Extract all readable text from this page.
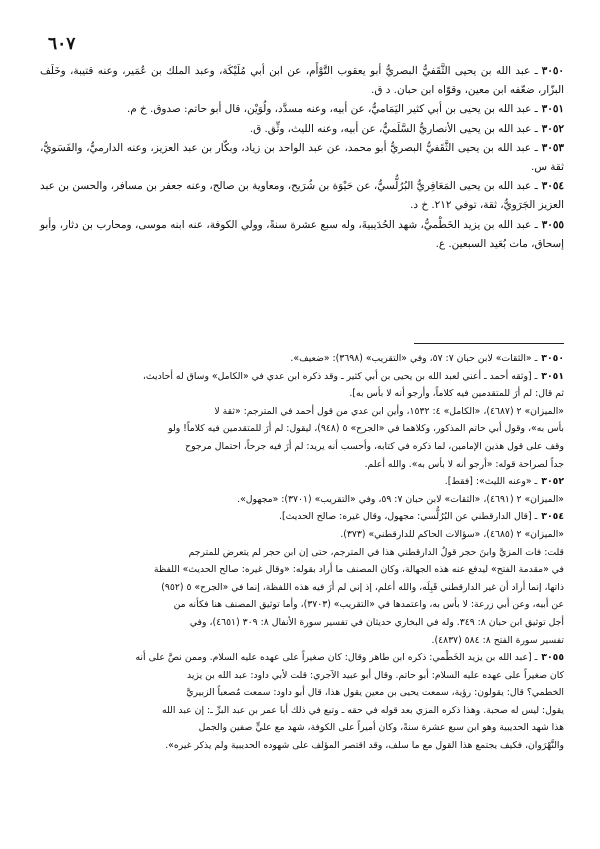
٦٠٧

٣٠٥٠ـ عبد الله بن يحيى الثَّقَفيُّ البصريُّ أبو يعقوب التَّوْأَم، عن ابن أبي مُلَيْكَة، وعبد الملك بن عُمَير، وعنه قتيبة، وخَلَف البزّار، ضعّفه ابن معين، وقوّاه ابن حبان. د ق.

٣٠٥١ـ عبد الله بن يحيى بن أبي كثير اليَمَاميُّ، عن أبيه، وعنه مسدَّد، ولُوَيْن، قال أبو حاتم: صدوق. خ م.

٣٠٥٢ـ عبد الله بن يحيى الأنصاريُّ السَّلَميُّ، عن أبيه، وعنه الليث، وثِّق. ق.

٣٠٥٣ـ عبد الله بن يحيى الثَّقَفيُّ البصريُّ أبو محمد، عن عبد الواحد بن زياد، وبكّار بن عبد العزيز، وعنه الدارميُّ، والفَسَويُّ، ثقة س.

٣٠٥٤ـ عبد الله بن يحيى المَعَافِريُّ البُرُلُّسيُّ، عن حَيْوَة بن شُرَيح، ومعاوية بن صالح، وعنه جعفر بن مسافر، والحسن بن عبد العزيز الجَرَويُّ، ثقة، توفي ٢١٢. خ د.

٣٠٥٥ـ عبد الله بن يزيد الخَطْميُّ، شهد الحُدَيبيةَ، وله سبع عشرة سنةً، وولي الكوفة، عنه ابنه موسى، ومحارب بن دثار، وأبو إسحاق، مات بُعَيد السبعين. ع.

٣٠٥٠ـ «الثقات» لابن حبان ٧: ٥٧، وفي «التقريب» (٣٦٩٨): «ضعيف».

٣٠٥١ـ [وثقه أحمد ـ أعني لعبد الله بن يحيى بن أبي كثير ـ وقد ذكره ابن عدي في «الكامل» وساق له أحاديث،
ثم قال: لم أرَ للمتقدمين فيه كلاماً، وأرجو أنه لا بأس به].
«الميزان» ٢ (٤٦٨٧)، «الكامل» ٤: ١٥٣٢، وأين ابن عدي من قول أحمد في المترجم: «ثقة لا
بأس به»، وقول أبي حاتم المذكور، وكلاهما في «الجرح» ٥ (٩٤٨)، ليقول: لم أرَ للمتقدمين فيه كلاماً! ولو
وقف على قول هذين الإمامين، لما ذكره في كتابه، وأحسب أنه يريد: لم أرَ فيه جرحاً، احتمال مرجوح
جداً لصراحة قوله: «أرجو أنه لا بأس به». والله أعلم.

٣٠٥٢ـ «وعنه الليث»: [فقط].

«الميزان» ٢ (٤٦٩١)، «الثقات» لابن حبان ٧: ٥٩، وفي «التقريب» (٣٧٠١): «مجهول».

٣٠٥٤ـ [قال الدارقطني عن البُرُلُّسي: مجهول، وقال غيره: صالح الحديث].

«الميزان» ٢ (٤٦٨٥)، «سؤالات الحاكم للدارقطني» (٣٧٣).
قلت: فات المزيَّ وابنَ حجر قولُ الدارقطني هذا في المترجم، حتى إن ابن حجر لم يتعرض للمترجم
في «مقدمة الفتح» ليدفع عنه هذه الجهالة، وكان المصنف ما أراد بقوله: «وقال غيره: صالح الحديث» اللفظة
ذاتها، إنما أراد أن غير الدارقطني قَبِلَه، والله أعلم، إذ إني لم أرَ فيه هذه اللفظة، إنما في «الجرح» ٥ (٩٥٢)
عن أبيه، وعن أبي زرعة: لا بأس به، واعتمدها في «التقريب» (٣٧٠٣)، وأما توثيق المصنف هنا فكأنه من
أجل توثيق ابن حبان ٨: ٣٤٩. وله في البخاري حديثان في تفسير سورة الأنفال ٨: ٣٠٩ (٤٦٥١)، وفي
تفسير سورة الفتح ٨: ٥٨٤ (٤٨٣٧).

٣٠٥٥ـ [عبد الله بن يزيد الخَطْمي: ذكره ابن طاهر وقال: كان صغيراً على عهده عليه السلام. وممن نصَّ على أنه
كان صغيراً على عهده عليه السلام: أبو حاتم. وقال أبو عبيد الآجري: قلت لأبي داود: عبد الله بن يزيد
الخطمي؟ قال: يقولون: رؤية، سمعت يحيى بن معين يقول هذا، قال أبو داود: سمعت مُصعباً الزبيريَّ
يقول: ليس له صحبة. وهذا ذكره المزي بعد قوله في حقه ـ وتبع في ذلك أبا عمر بن عبد البرِّ ـ: إن عبد الله
هذا شهد الحديبية وهو ابن سبع عشرة سنةً، وكان أميراً على الكوفة، شهد مع عليٍّ صفين والجمل
والنَّهْرَوان، فكيف يجتمع هذا القول مع ما سلف، وقد اقتصر المؤلف على شهوده الحديبية ولم يذكر غيره».
